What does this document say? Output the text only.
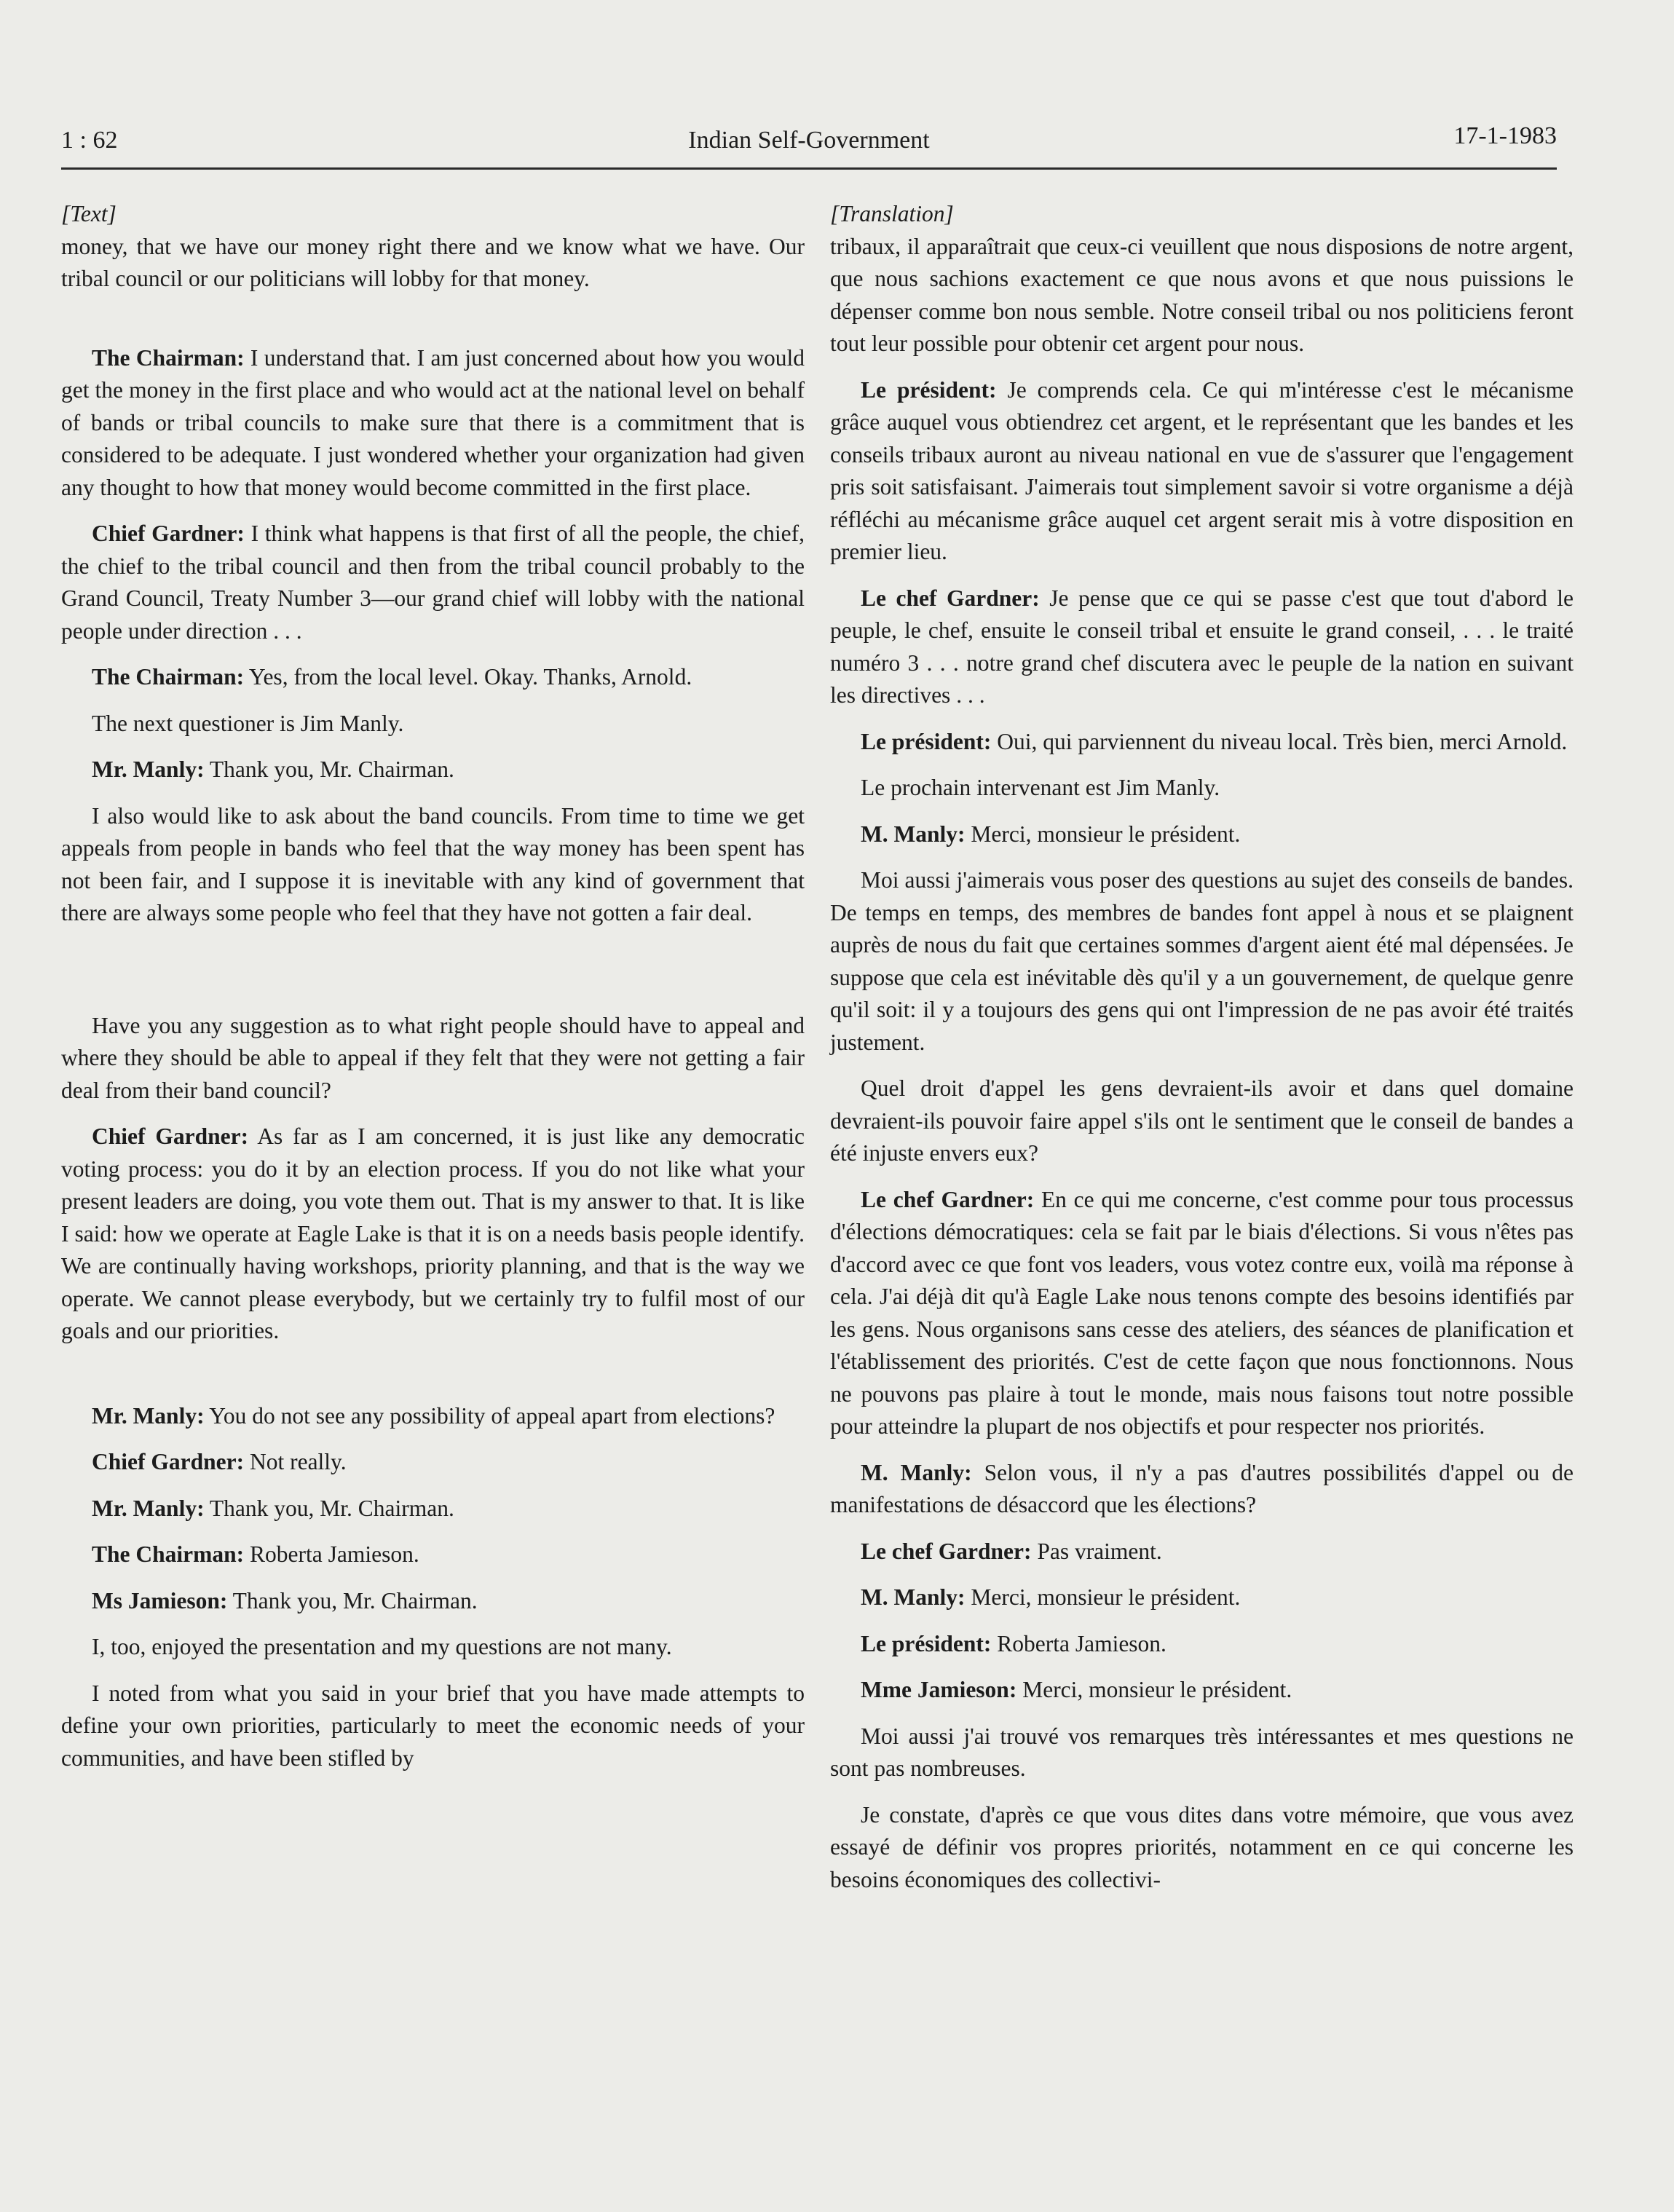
1 : 62	Indian Self-Government	17-1-1983
[Text]

money, that we have our money right there and we know what we have. Our tribal council or our politicians will lobby for that money.

The Chairman: I understand that. I am just concerned about how you would get the money in the first place and who would act at the national level on behalf of bands or tribal councils to make sure that there is a commitment that is considered to be adequate. I just wondered whether your organization had given any thought to how that money would become committed in the first place.

Chief Gardner: I think what happens is that first of all the people, the chief, the chief to the tribal council and then from the tribal council probably to the Grand Council, Treaty Number 3—our grand chief will lobby with the national people under direction . . .

The Chairman: Yes, from the local level. Okay. Thanks, Arnold.

The next questioner is Jim Manly.

Mr. Manly: Thank you, Mr. Chairman.

I also would like to ask about the band councils. From time to time we get appeals from people in bands who feel that the way money has been spent has not been fair, and I suppose it is inevitable with any kind of government that there are always some people who feel that they have not gotten a fair deal.

Have you any suggestion as to what right people should have to appeal and where they should be able to appeal if they felt that they were not getting a fair deal from their band council?

Chief Gardner: As far as I am concerned, it is just like any democratic voting process: you do it by an election process. If you do not like what your present leaders are doing, you vote them out. That is my answer to that. It is like I said: how we operate at Eagle Lake is that it is on a needs basis people identify. We are continually having workshops, priority planning, and that is the way we operate. We cannot please everybody, but we certainly try to fulfil most of our goals and our priorities.

Mr. Manly: You do not see any possibility of appeal apart from elections?

Chief Gardner: Not really.

Mr. Manly: Thank you, Mr. Chairman.

The Chairman: Roberta Jamieson.

Ms Jamieson: Thank you, Mr. Chairman.

I, too, enjoyed the presentation and my questions are not many.

I noted from what you said in your brief that you have made attempts to define your own priorities, particularly to meet the economic needs of your communities, and have been stifled by

[Translation]

tribaux, il apparaîtrait que ceux-ci veuillent que nous disposions de notre argent, que nous sachions exactement ce que nous avons et que nous puissions le dépenser comme bon nous semble. Notre conseil tribal ou nos politiciens feront tout leur possible pour obtenir cet argent pour nous.

Le président: Je comprends cela. Ce qui m'intéresse c'est le mécanisme grâce auquel vous obtiendrez cet argent, et le représentant que les bandes et les conseils tribaux auront au niveau national en vue de s'assurer que l'engagement pris soit satisfaisant. J'aimerais tout simplement savoir si votre organisme a déjà réfléchi au mécanisme grâce auquel cet argent serait mis à votre disposition en premier lieu.

Le chef Gardner: Je pense que ce qui se passe c'est que tout d'abord le peuple, le chef, ensuite le conseil tribal et ensuite le grand conseil, . . . le traité numéro 3 . . . notre grand chef discutera avec le peuple de la nation en suivant les directives . . .

Le président: Oui, qui parviennent du niveau local. Très bien, merci Arnold.

Le prochain intervenant est Jim Manly.

M. Manly: Merci, monsieur le président.

Moi aussi j'aimerais vous poser des questions au sujet des conseils de bandes. De temps en temps, des membres de bandes font appel à nous et se plaignent auprès de nous du fait que certaines sommes d'argent aient été mal dépensées. Je suppose que cela est inévitable dès qu'il y a un gouvernement, de quelque genre qu'il soit: il y a toujours des gens qui ont l'impression de ne pas avoir été traités justement.

Quel droit d'appel les gens devraient-ils avoir et dans quel domaine devraient-ils pouvoir faire appel s'ils ont le sentiment que le conseil de bandes a été injuste envers eux?

Le chef Gardner: En ce qui me concerne, c'est comme pour tous processus d'élections démocratiques: cela se fait par le biais d'élections. Si vous n'êtes pas d'accord avec ce que font vos leaders, vous votez contre eux, voilà ma réponse à cela. J'ai déjà dit qu'à Eagle Lake nous tenons compte des besoins identifiés par les gens. Nous organisons sans cesse des ateliers, des séances de planification et l'établissement des priorités. C'est de cette façon que nous fonctionnons. Nous ne pouvons pas plaire à tout le monde, mais nous faisons tout notre possible pour atteindre la plupart de nos objectifs et pour respecter nos priorités.

M. Manly: Selon vous, il n'y a pas d'autres possibilités d'appel ou de manifestations de désaccord que les élections?

Le chef Gardner: Pas vraiment.

M. Manly: Merci, monsieur le président.

Le président: Roberta Jamieson.

Mme Jamieson: Merci, monsieur le président.

Moi aussi j'ai trouvé vos remarques très intéressantes et mes questions ne sont pas nombreuses.

Je constate, d'après ce que vous dites dans votre mémoire, que vous avez essayé de définir vos propres priorités, notamment en ce qui concerne les besoins économiques des collectivi-
